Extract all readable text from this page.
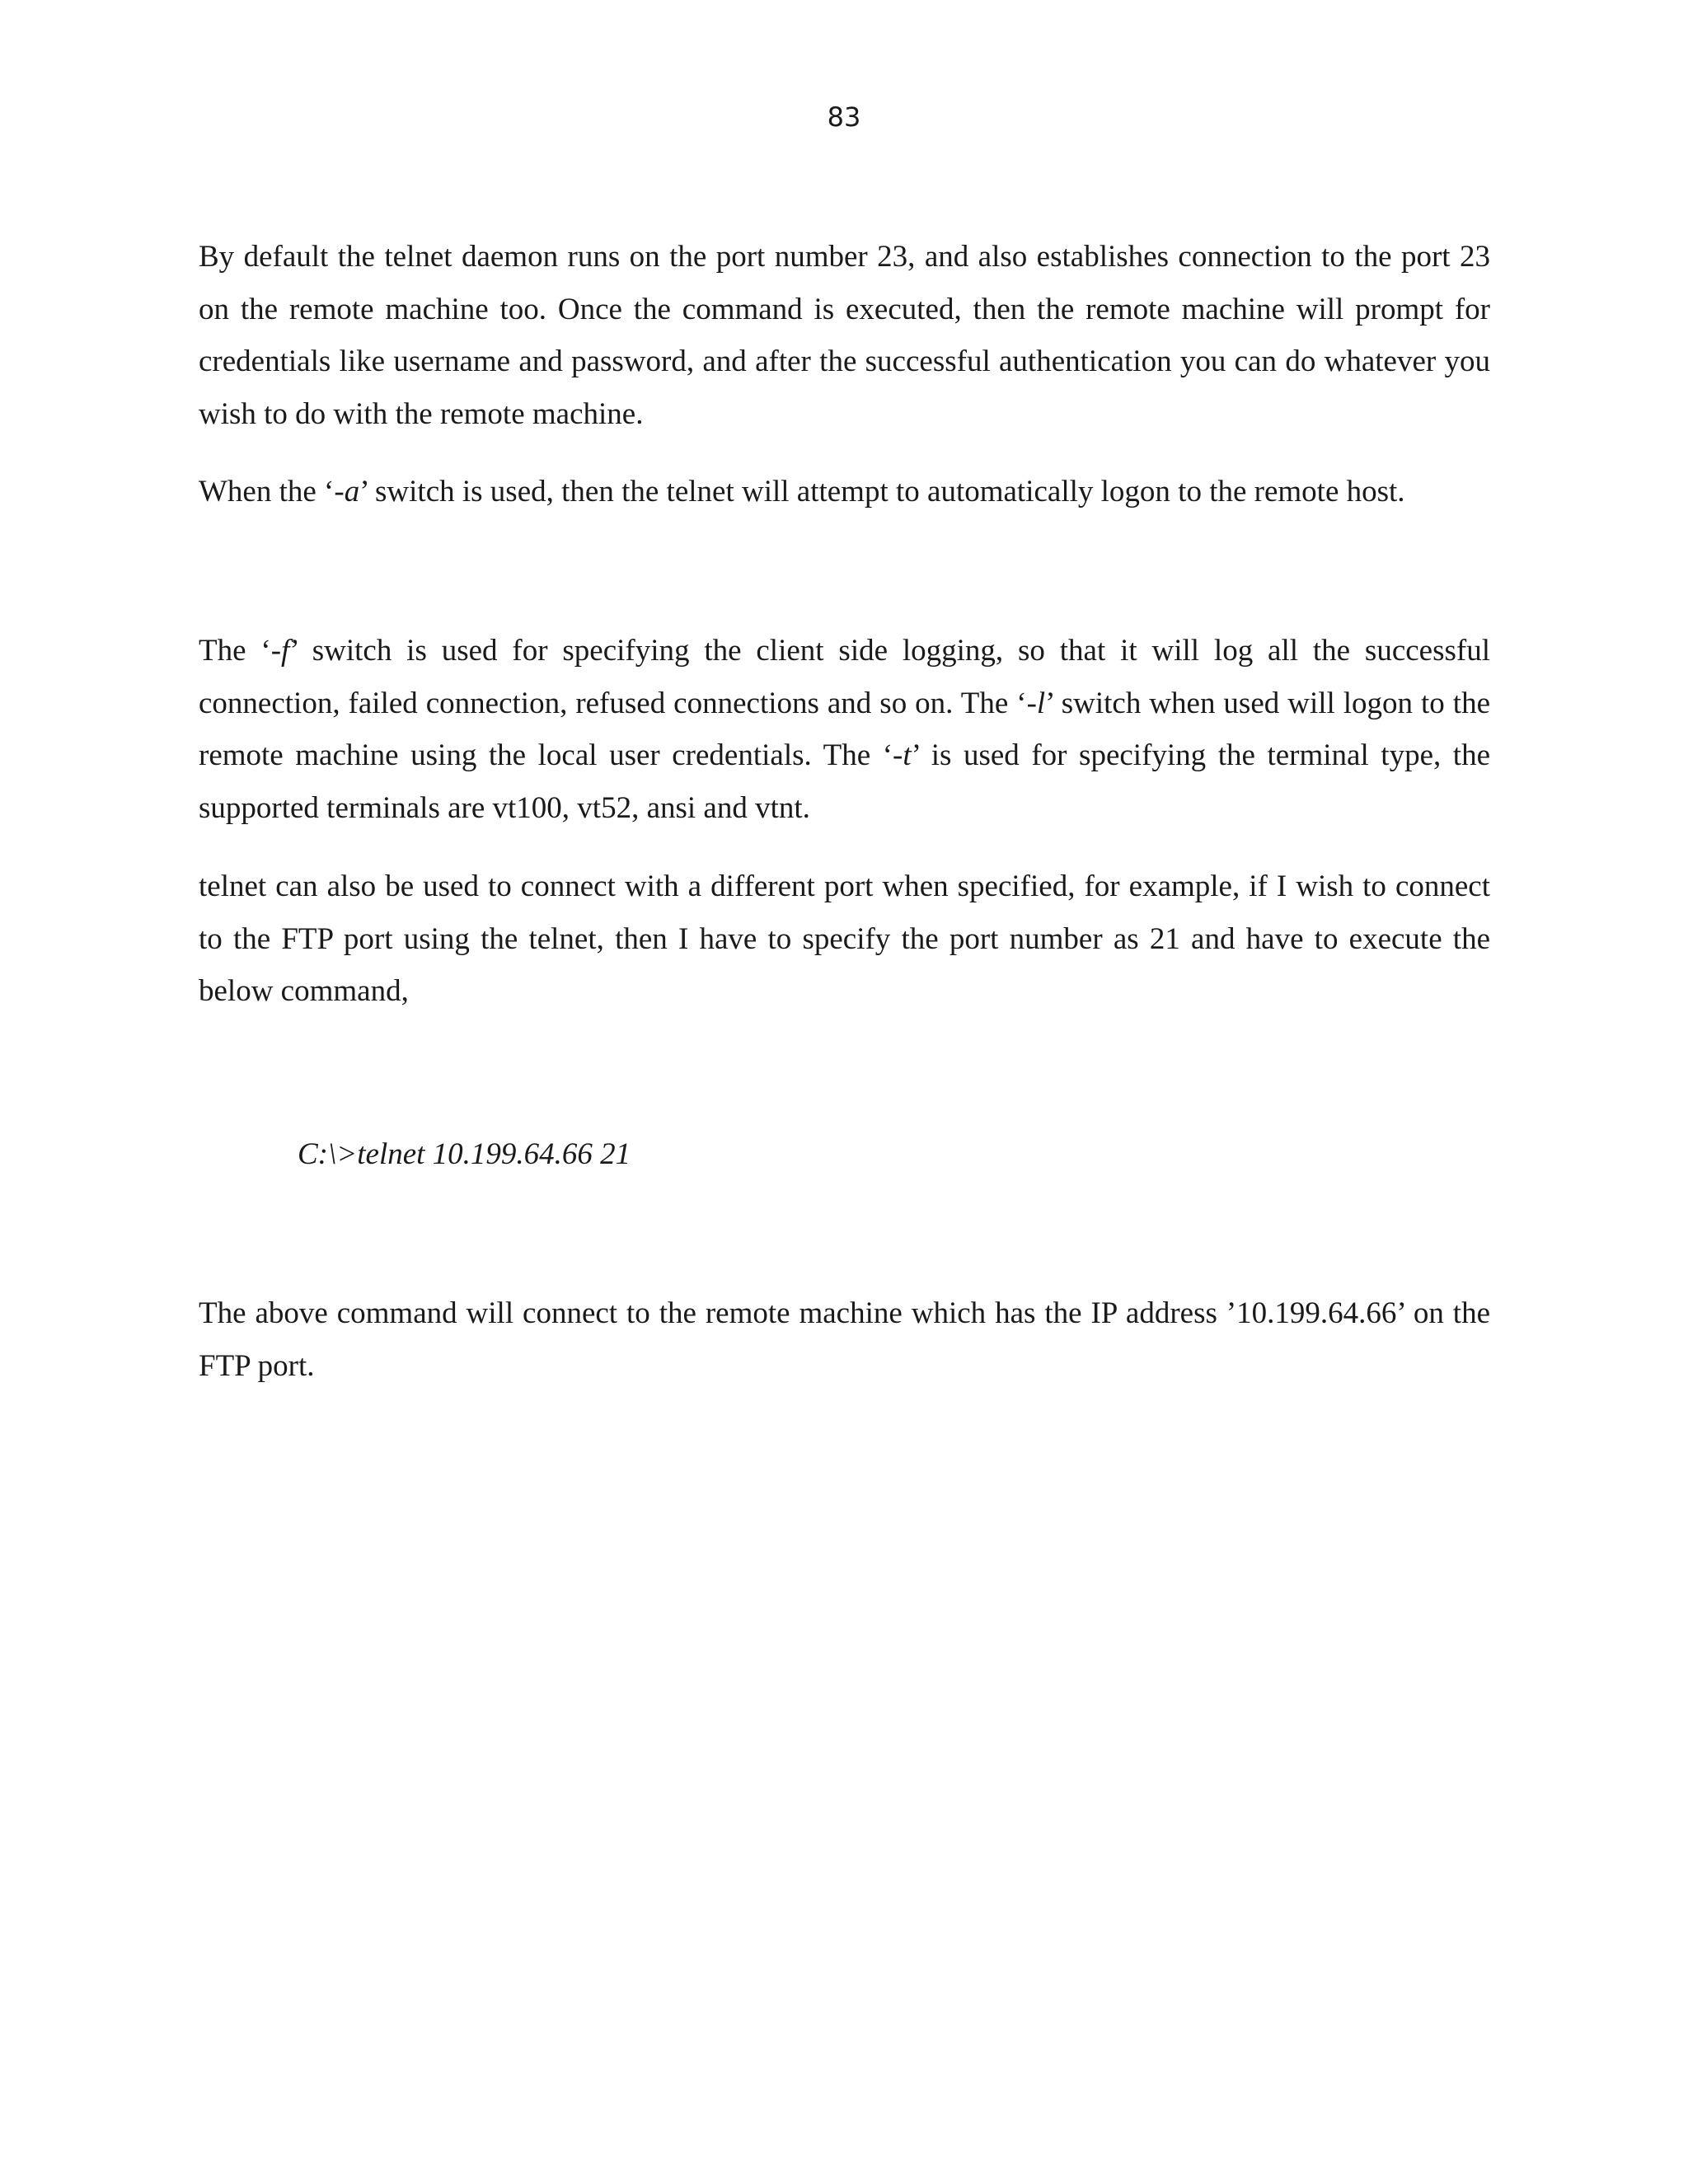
83

By default the telnet daemon runs on the port number 23, and also establishes connection to the port 23 on the remote machine too. Once the command is executed, then the remote machine will prompt for credentials like username and password, and after the successful authentication you can do whatever you wish to do with the remote machine.

When the ‘-a’ switch is used, then the telnet will attempt to automatically logon to the remote host.

The ‘-f’ switch is used for specifying the client side logging, so that it will log all the successful connection, failed connection, refused connections and so on. The ‘-l’ switch when used will logon to the remote machine using the local user credentials. The ‘-t’ is used for specifying the terminal type, the supported terminals are vt100, vt52, ansi and vtnt.

telnet can also be used to connect with a different port when specified, for example, if I wish to connect to the FTP port using the telnet, then I have to specify the port number as 21 and have to execute the below command,

C:\>telnet 10.199.64.66 21

The above command will connect to the remote machine which has the IP address ’10.199.64.66’ on the FTP port.
